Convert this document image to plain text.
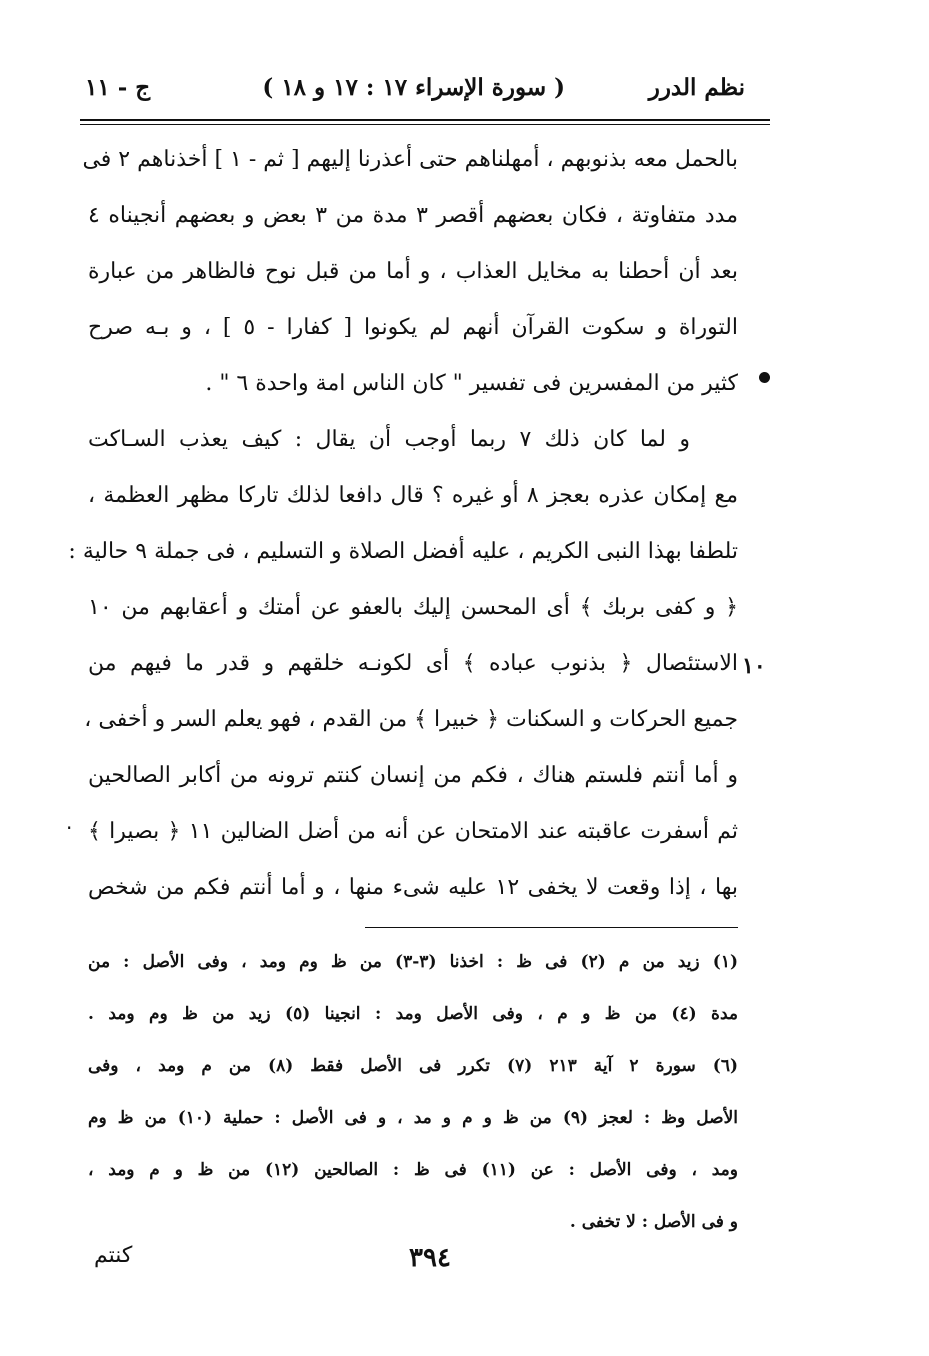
نظم الدرر
( سورة الإسراء ١٧ : ١٧ و ١٨ )
ج - ١١
١٠
·
بالحمل معه بذنوبهم ، أمهلناهم حتى أعذرنا إليهم [ ثم - ١ ] أخذناهم ٢ فى
مدد متفاوتة ، فكان بعضهم أقصر ٣ مدة من ٣ بعض و بعضهم أنجيناه ٤
بعد أن أحطنا به مخايل العذاب ، و أما من قبل نوح فالظاهر من عبارة
التوراة و سكوت القرآن أنهم لم يكونوا [ كفارا - ٥ ] ، و بـه صرح
كثير من المفسرين فى تفسير " كان الناس امة واحدة ٦ " .
و لما كان ذلك ٧ ربما أوجب أن يقال : كيف يعذب السـاكت
مع إمكان عذره بعجز ٨ أو غيره ؟ قال دافعا لذلك تاركا مظهر العظمة ،
تلطفا بهذا النبى الكريم ، عليه أفضل الصلاة و التسليم ، فى جملة ٩ حالية :
﴿ و كفى بربك ﴾ أى المحسن إليك بالعفو عن أمتك و أعقابهم من ١٠
الاستئصال ﴿ بذنوب عباده ﴾ أى لكونـه خلقهم و قدر ما فيهم من
جميع الحركات و السكنات ﴿ خبيرا ﴾ من القدم ، فهو يعلم السر و أخفى ،
و أما أنتم فلستم هناك ، فكم من إنسان كنتم ترونه من أكابر الصالحين
ثم أسفرت عاقبته عند الامتحان عن أنه من أضل الضالين ١١ ﴿ بصيرا ﴾
بها ، إذا وقعت لا يخفى ١٢ عليه شىء منها ، و أما أنتم فكم من شخص
(١) زيد من م (٢) فى ظ : اخذنا (٣-٣) من ظ وم ومد ، وفى الأصل : من
مدة (٤) من ظ و م ، وفى الأصل ومد : انجينا (٥) زيد من ظ وم ومد .
(٦) سورة ٢ آية ٢١٣ (٧) تكرر فى الأصل فقط (٨) من م ومد ، وفى
الأصل وظ : لعجز (٩) من ظ و م و مد ، و فى الأصل : حملية (١٠) من ظ وم
ومد ، وفى الأصل : عن (١١) فى ظ : الصالحين (١٢) من ظ و م ومد ،
و فى الأصل : لا تخفى .
٣٩٤
كنتم
